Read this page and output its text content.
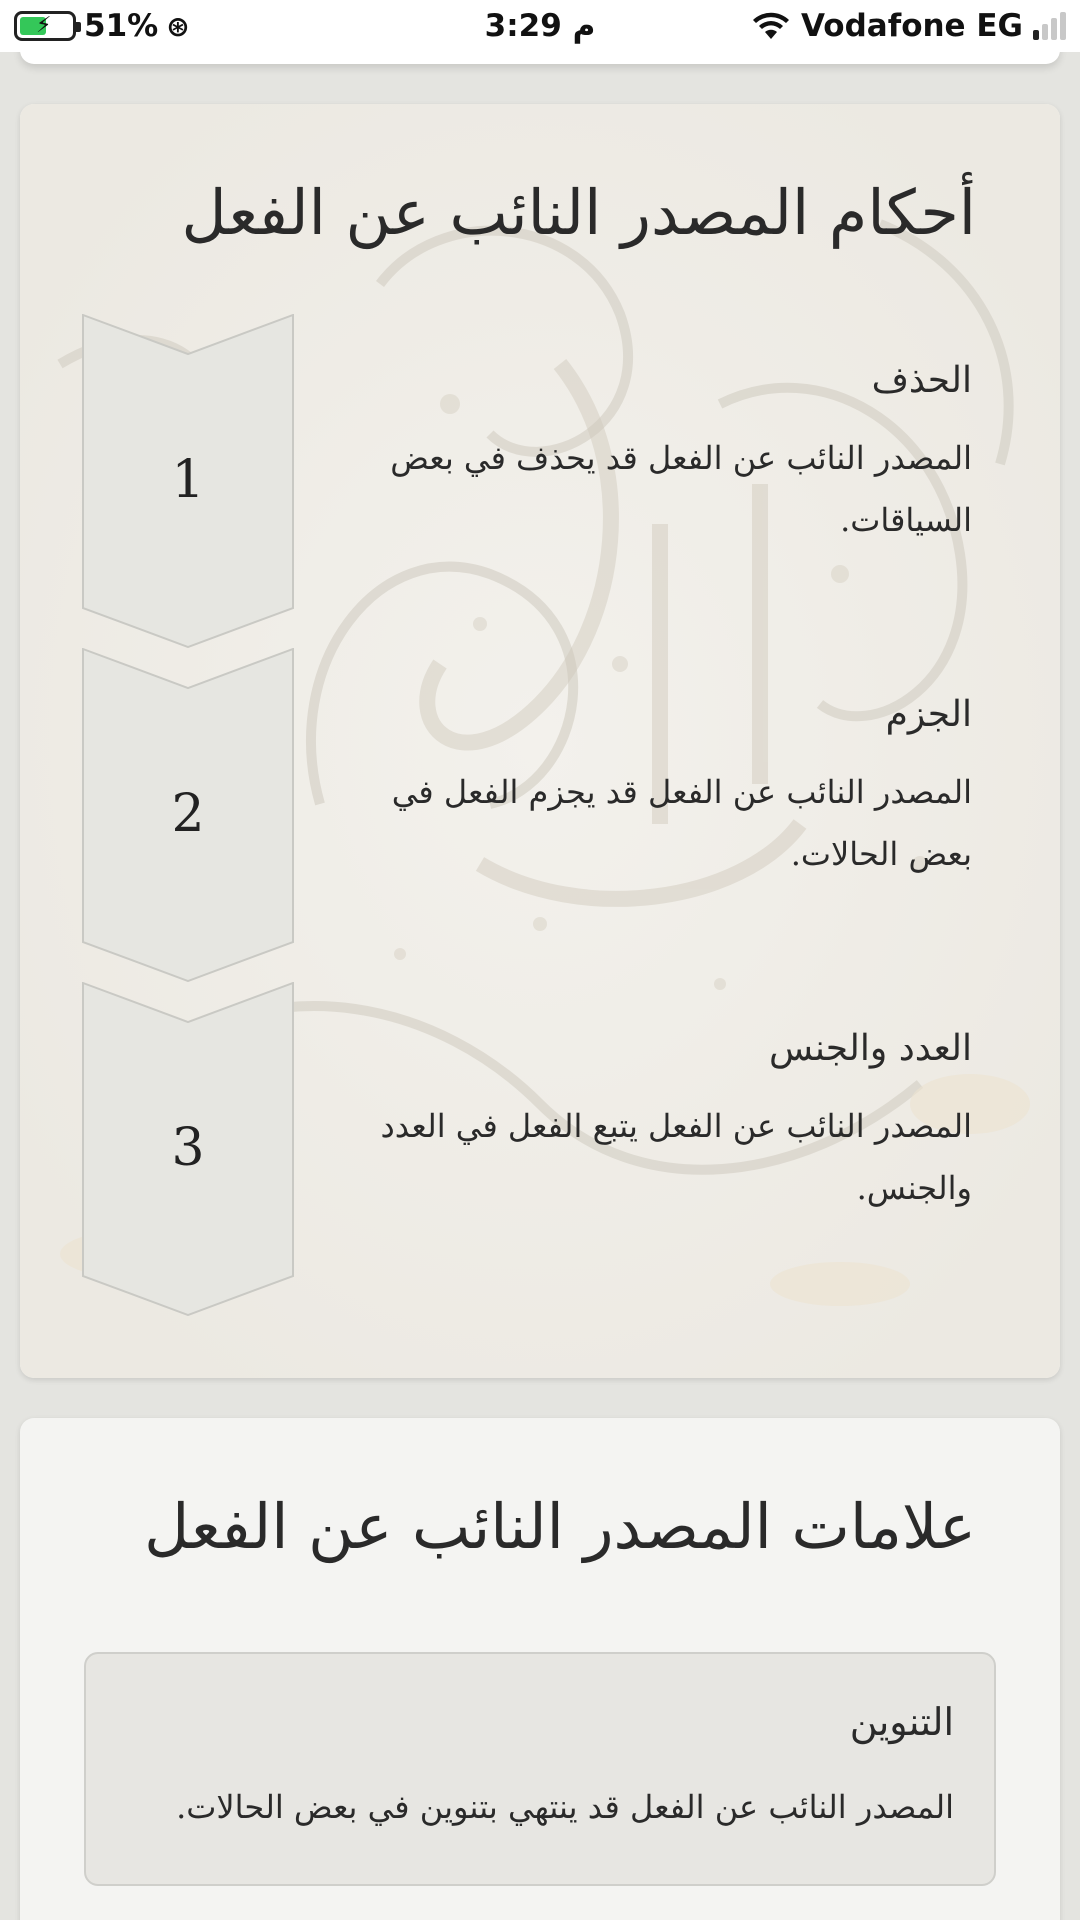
⚡ 51% ⊛	3:29 م	Vodafone EG
أحكام المصدر النائب عن الفعل
1
الحذف
المصدر النائب عن الفعل قد يحذف في بعض السياقات.
2
الجزم
المصدر النائب عن الفعل قد يجزم الفعل في بعض الحالات.
3
العدد والجنس
المصدر النائب عن الفعل يتبع الفعل في العدد والجنس.
علامات المصدر النائب عن الفعل
التنوين
المصدر النائب عن الفعل قد ينتهي بتنوين في بعض الحالات.
